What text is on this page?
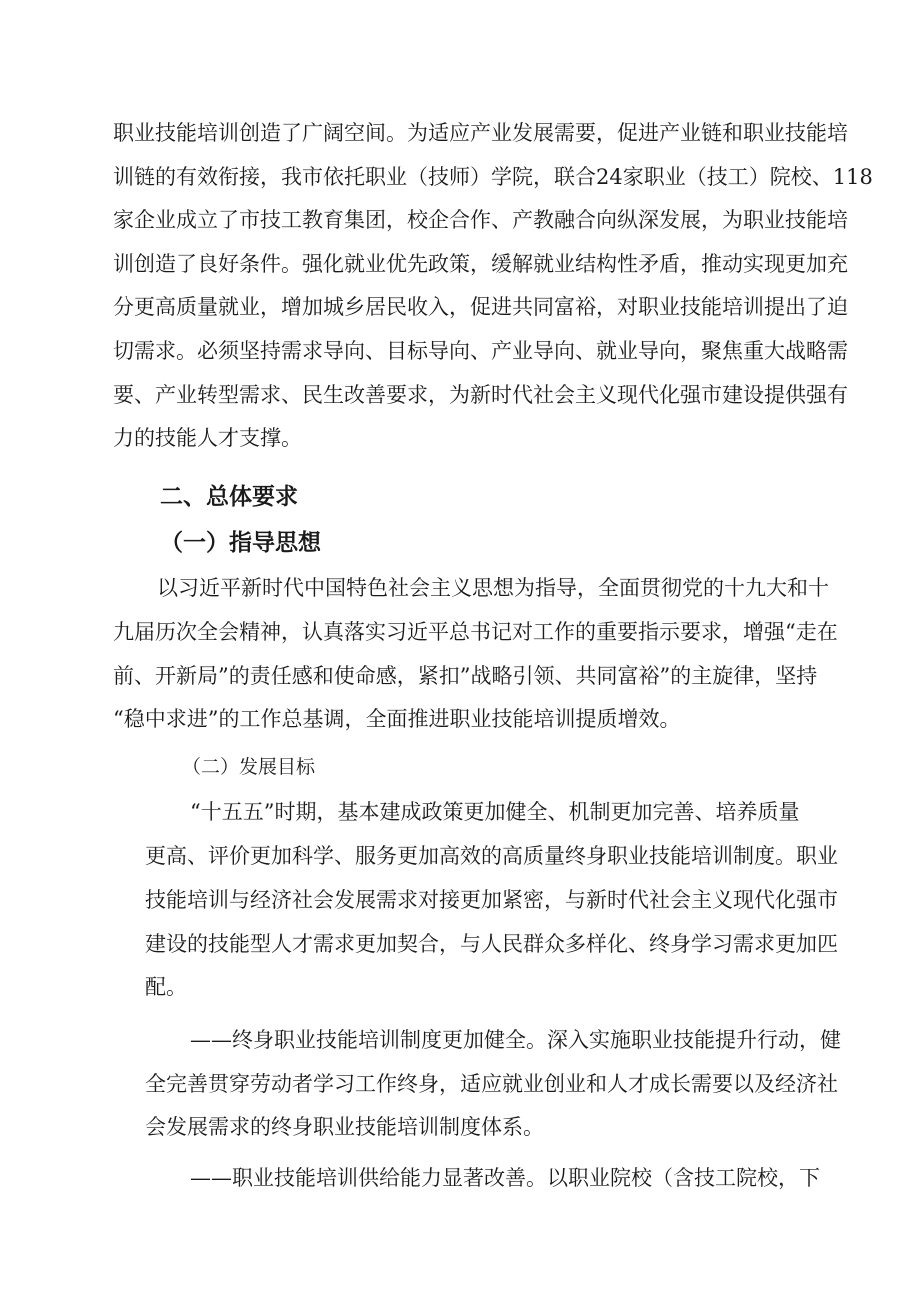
职业技能培训创造了广阔空间。为适应产业发展需要，促进产业链和职业技能培
训链的有效衔接，我市依托职业（技师）学院，联合24家职业（技工）院校、118
家企业成立了市技工教育集团，校企合作、产教融合向纵深发展，为职业技能培
训创造了良好条件。强化就业优先政策，缓解就业结构性矛盾，推动实现更加充
分更高质量就业，增加城乡居民收入，促进共同富裕，对职业技能培训提出了迫
切需求。必须坚持需求导向、目标导向、产业导向、就业导向，聚焦重大战略需
要、产业转型需求、民生改善要求，为新时代社会主义现代化强市建设提供强有
力的技能人才支撑。
二、总体要求
（一）指导思想
以习近平新时代中国特色社会主义思想为指导，全面贯彻党的十九大和十
九届历次全会精神，认真落实习近平总书记对工作的重要指示要求，增强“走在
前、开新局”的责任感和使命感，紧扣”战略引领、共同富裕”的主旋律，坚持
“稳中求进”的工作总基调，全面推进职业技能培训提质增效。
（二）发展目标
“十五五”时期，基本建成政策更加健全、机制更加完善、培养质量
更高、评价更加科学、服务更加高效的高质量终身职业技能培训制度。职业
技能培训与经济社会发展需求对接更加紧密，与新时代社会主义现代化强市
建设的技能型人才需求更加契合，与人民群众多样化、终身学习需求更加匹
配。
——终身职业技能培训制度更加健全。深入实施职业技能提升行动，健
全完善贯穿劳动者学习工作终身，适应就业创业和人才成长需要以及经济社
会发展需求的终身职业技能培训制度体系。
——职业技能培训供给能力显著改善。以职业院校（含技工院校，下
